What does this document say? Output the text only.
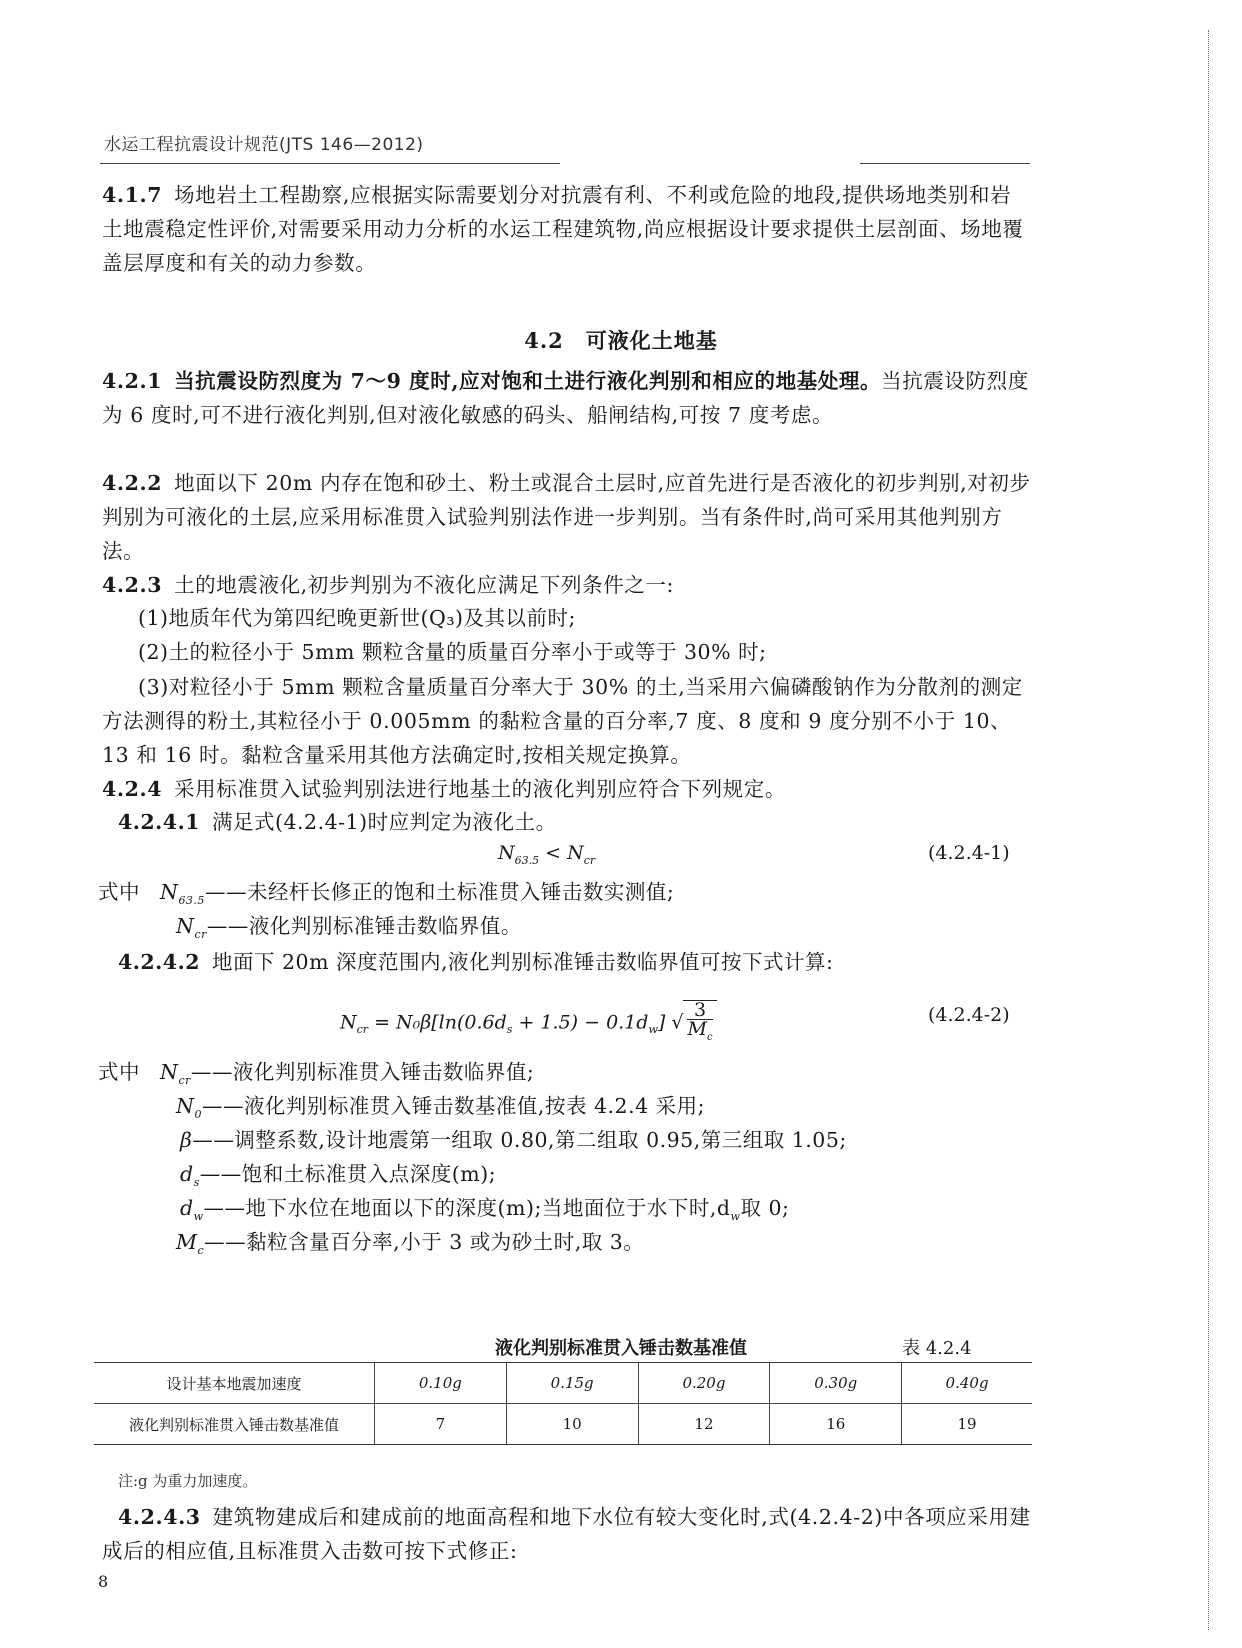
水运工程抗震设计规范(JTS 146—2012)

4.1.7 场地岩土工程勘察,应根据实际需要划分对抗震有利、不利或危险的地段,提供场地类别和岩土地震稳定性评价,对需要采用动力分析的水运工程建筑物,尚应根据设计要求提供土层剖面、场地覆盖层厚度和有关的动力参数。

4.2　可液化土地基

4.2.1 当抗震设防烈度为 7～9 度时,应对饱和土进行液化判别和相应的地基处理。当抗震设防烈度为 6 度时,可不进行液化判别,但对液化敏感的码头、船闸结构,可按 7 度考虑。

4.2.2 地面以下 20m 内存在饱和砂土、粉土或混合土层时,应首先进行是否液化的初步判别,对初步判别为可液化的土层,应采用标准贯入试验判别法作进一步判别。当有条件时,尚可采用其他判别方法。

4.2.3 土的地震液化,初步判别为不液化应满足下列条件之一:

(1)地质年代为第四纪晚更新世(Q₃)及其以前时;
(2)土的粒径小于 5mm 颗粒含量的质量百分率小于或等于 30% 时;

(3)对粒径小于 5mm 颗粒含量质量百分率大于 30% 的土,当采用六偏磷酸钠作为分散剂的测定方法测得的粉土,其粒径小于 0.005mm 的黏粒含量的百分率,7 度、8 度和 9 度分别不小于 10、13 和 16 时。黏粒含量采用其他方法确定时,按相关规定换算。

4.2.4 采用标准贯入试验判别法进行地基土的液化判别应符合下列规定。

4.2.4.1 满足式(4.2.4-1)时应判定为液化土。
$N_{63.5} < N_{cr}$	(4.2.4-1)
式中 $N_{63.5}——$未经杆长修正的饱和土标准贯入锤击数实测值;
$N_{cr}——$液化判别标准锤击数临界值。
4.2.4.2 地面下 20m 深度范围内,液化判别标准锤击数临界值可按下式计算:
$N_{cr} = N_0\beta[\ln(0.6d_s + 1.5) - 0.1d_w]$ √
3
$M_c$
(4.2.4-2)
式中 $N_{cr}——$液化判别标准贯入锤击数临界值;
$N_0——$液化判别标准贯入锤击数基准值,按表 4.2.4 采用;
β——调整系数,设计地震第一组取 0.80,第二组取 0.95,第三组取 1.05;
$d_s——$饱和土标准贯入点深度(m);
$d_w——$地下水位在地面以下的深度(m);当地面位于水下时$,d_w$取 0;
$M_c——$黏粒含量百分率,小于 3 或为砂土时,取 3。
液化判别标准贯入锤击数基准值	表 4.2.4
设计基本地震加速度	0.10g	0.15g	0.20g	0.30g	0.40g
液化判别标准贯入锤击数基准值	7	10	12	16	19
注:g 为重力加速度。

4.2.4.3 建筑物建成后和建成前的地面高程和地下水位有较大变化时,式(4.2.4-2)中各项应采用建成后的相应值,且标准贯入击数可按下式修正:

8
